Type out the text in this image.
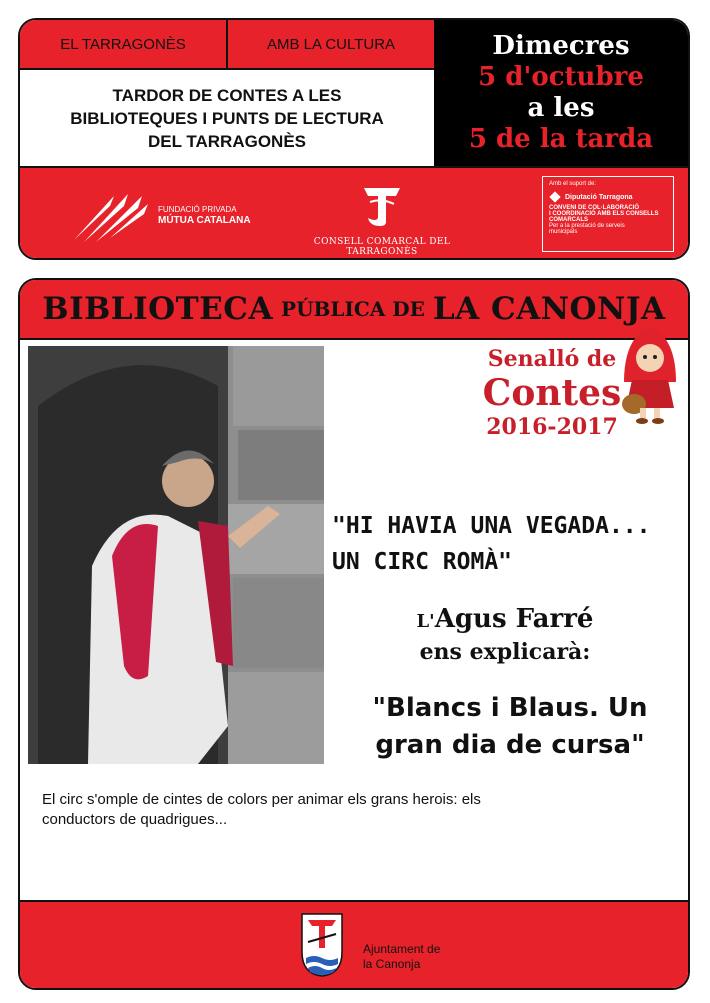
EL TARRAGONÈS	AMB LA CULTURA
TARDOR DE CONTES A LES
BIBLIOTEQUES I PUNTS DE LECTURA
DEL TARRAGONÈS
Dimecres
5 d'octubre
a les
5 de la tarda
FUNDACIÓ PRIVADA
MÚTUA CATALANA
CONSELL COMARCAL DEL TARRAGONÈS
Amb el suport de:
Diputació Tarragona
CONVENI DE COL·LABORACIÓ
I COORDINACIÓ AMB ELS CONSELLS
COMARCALS
Per a la prestació de serveis
municipals
BIBLIOTECA PÚBLICA DE LA CANONJA
Senalló de
Contes
2016-2017
"HI HAVIA UNA VEGADA...
UN CIRC ROMÀ"
L'Agus Farré
ens explicarà:
"Blancs i Blaus. Un
gran dia de cursa"
El circ s'omple de cintes de colors per animar els grans herois: els
conductors de quadrigues...
Ajuntament de
la Canonja
